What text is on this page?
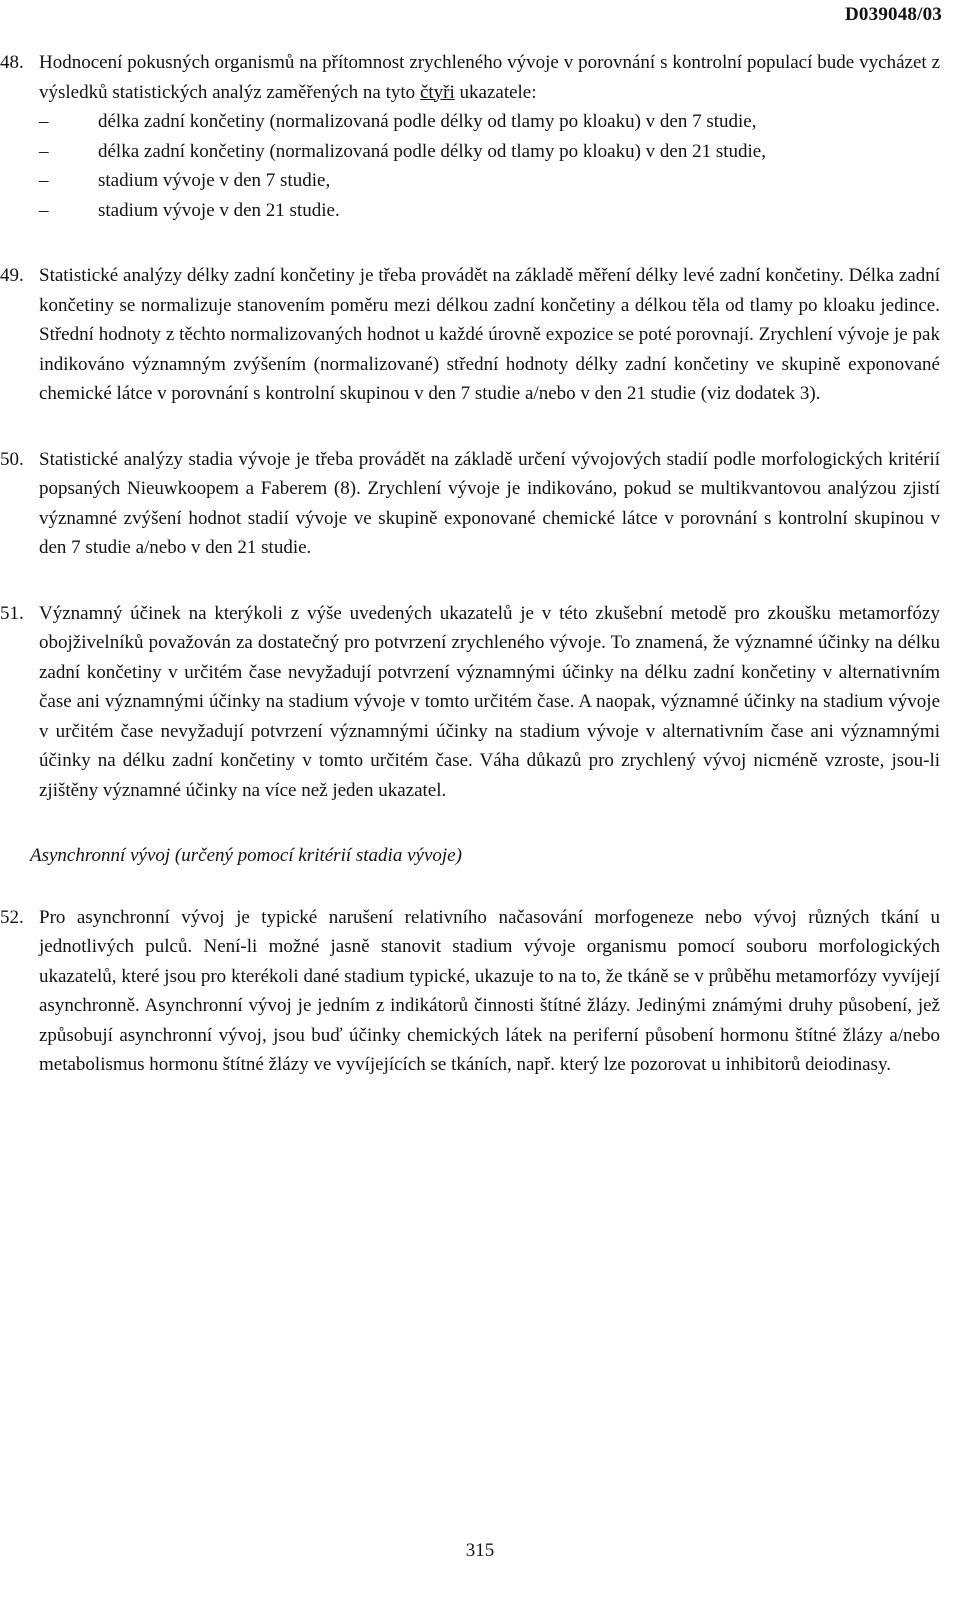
D039048/03
48. Hodnocení pokusných organismů na přítomnost zrychleného vývoje v porovnání s kontrolní populací bude vycházet z výsledků statistických analýz zaměřených na tyto čtyři ukazatele:
–	délka zadní končetiny (normalizovaná podle délky od tlamy po kloaku) v den 7 studie,
–	délka zadní končetiny (normalizovaná podle délky od tlamy po kloaku) v den 21 studie,
–	stadium vývoje v den 7 studie,
–	stadium vývoje v den 21 studie.
49. Statistické analýzy délky zadní končetiny je třeba provádět na základě měření délky levé zadní končetiny. Délka zadní končetiny se normalizuje stanovením poměru mezi délkou zadní končetiny a délkou těla od tlamy po kloaku jedince. Střední hodnoty z těchto normalizovaných hodnot u každé úrovně expozice se poté porovnají. Zrychlení vývoje je pak indikováno významným zvýšením (normalizované) střední hodnoty délky zadní končetiny ve skupině exponované chemické látce v porovnání s kontrolní skupinou v den 7 studie a/nebo v den 21 studie (viz dodatek 3).
50. Statistické analýzy stadia vývoje je třeba provádět na základě určení vývojových stadií podle morfologických kritérií popsaných Nieuwkoopem a Faberem (8). Zrychlení vývoje je indikováno, pokud se multikvantovou analýzou zjistí významné zvýšení hodnot stadií vývoje ve skupině exponované chemické látce v porovnání s kontrolní skupinou v den 7 studie a/nebo v den 21 studie.
51. Významný účinek na kterýkoli z výše uvedených ukazatelů je v této zkušební metodě pro zkoušku metamorfózy obojživelníků považován za dostatečný pro potvrzení zrychleného vývoje. To znamená, že významné účinky na délku zadní končetiny v určitém čase nevyžadují potvrzení významnými účinky na délku zadní končetiny v alternativním čase ani významnými účinky na stadium vývoje v tomto určitém čase. A naopak, významné účinky na stadium vývoje v určitém čase nevyžadují potvrzení významnými účinky na stadium vývoje v alternativním čase ani významnými účinky na délku zadní končetiny v tomto určitém čase. Váha důkazů pro zrychlený vývoj nicméně vzroste, jsou-li zjištěny významné účinky na více než jeden ukazatel.
Asynchronní vývoj (určený pomocí kritérií stadia vývoje)
52. Pro asynchronní vývoj je typické narušení relativního načasování morfogeneze nebo vývoj různých tkání u jednotlivých pulců. Není-li možné jasně stanovit stadium vývoje organismu pomocí souboru morfologických ukazatelů, které jsou pro kterékoli dané stadium typické, ukazuje to na to, že tkáně se v průběhu metamorfózy vyvíjejí asynchronně. Asynchronní vývoj je jedním z indikátorů činnosti štítné žlázy. Jedinými známými druhy působení, jež způsobují asynchronní vývoj, jsou buď účinky chemických látek na periferní působení hormonu štítné žlázy a/nebo metabolismus hormonu štítné žlázy ve vyvíjejících se tkáních, např. který lze pozorovat u inhibitorů deiodinasy.
315
